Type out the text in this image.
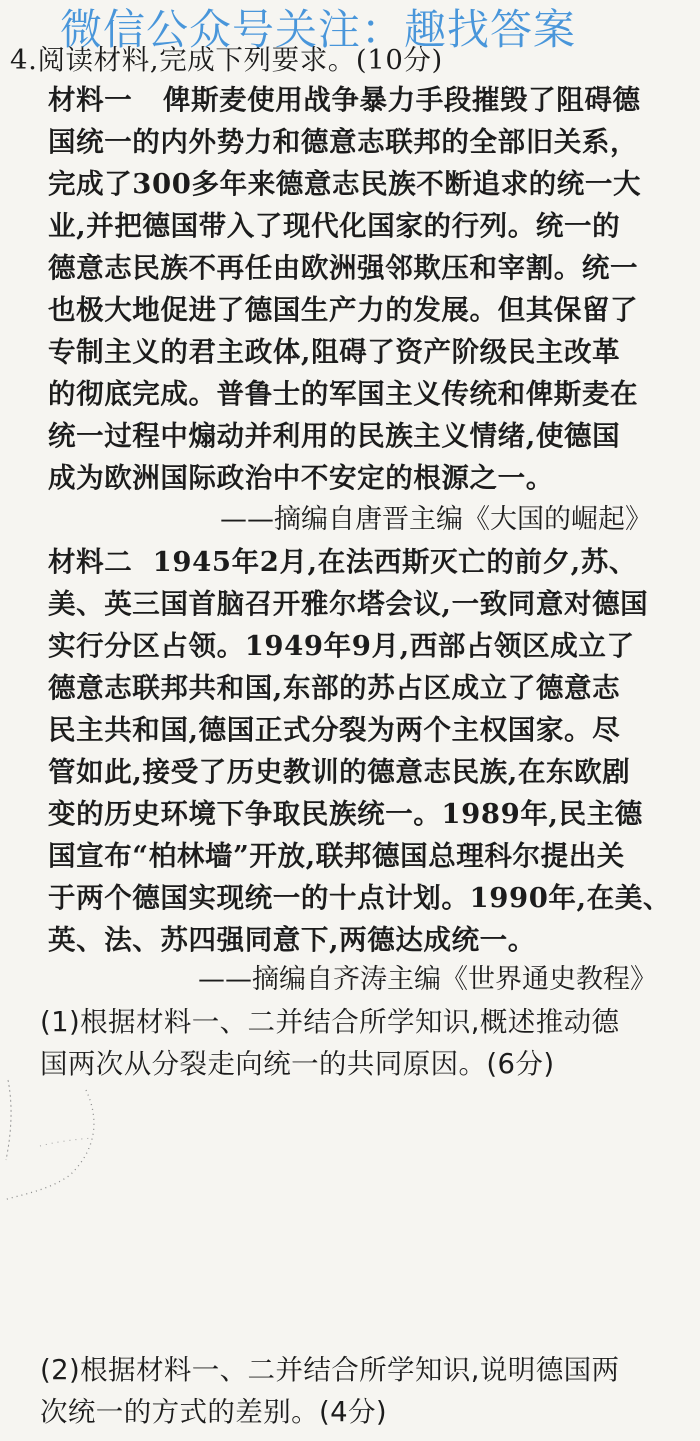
微信公众号关注：趣找答案
4.阅读材料,完成下列要求。(10分)
材料一 俾斯麦使用战争暴力手段摧毁了阻碍德
国统一的内外势力和德意志联邦的全部旧关系，
完成了300多年来德意志民族不断追求的统一大
业,并把德国带入了现代化国家的行列。统一的
德意志民族不再任由欧洲强邻欺压和宰割。统一
也极大地促进了德国生产力的发展。但其保留了
专制主义的君主政体,阻碍了资产阶级民主改革
的彻底完成。普鲁士的军国主义传统和俾斯麦在
统一过程中煽动并利用的民族主义情绪,使德国
成为欧洲国际政治中不安定的根源之一。
——摘编自唐晋主编《大国的崛起》
材料二 1945年2月,在法西斯灭亡的前夕,苏、
美、英三国首脑召开雅尔塔会议,一致同意对德国
实行分区占领。1949年9月,西部占领区成立了
德意志联邦共和国,东部的苏占区成立了德意志
民主共和国,德国正式分裂为两个主权国家。尽
管如此,接受了历史教训的德意志民族,在东欧剧
变的历史环境下争取民族统一。1989年,民主德
国宣布“柏林墙”开放,联邦德国总理科尔提出关
于两个德国实现统一的十点计划。1990年,在美、
英、法、苏四强同意下,两德达成统一。
——摘编自齐涛主编《世界通史教程》
(1)根据材料一、二并结合所学知识,概述推动德
国两次从分裂走向统一的共同原因。(6分)
(2)根据材料一、二并结合所学知识,说明德国两
次统一的方式的差别。(4分)
